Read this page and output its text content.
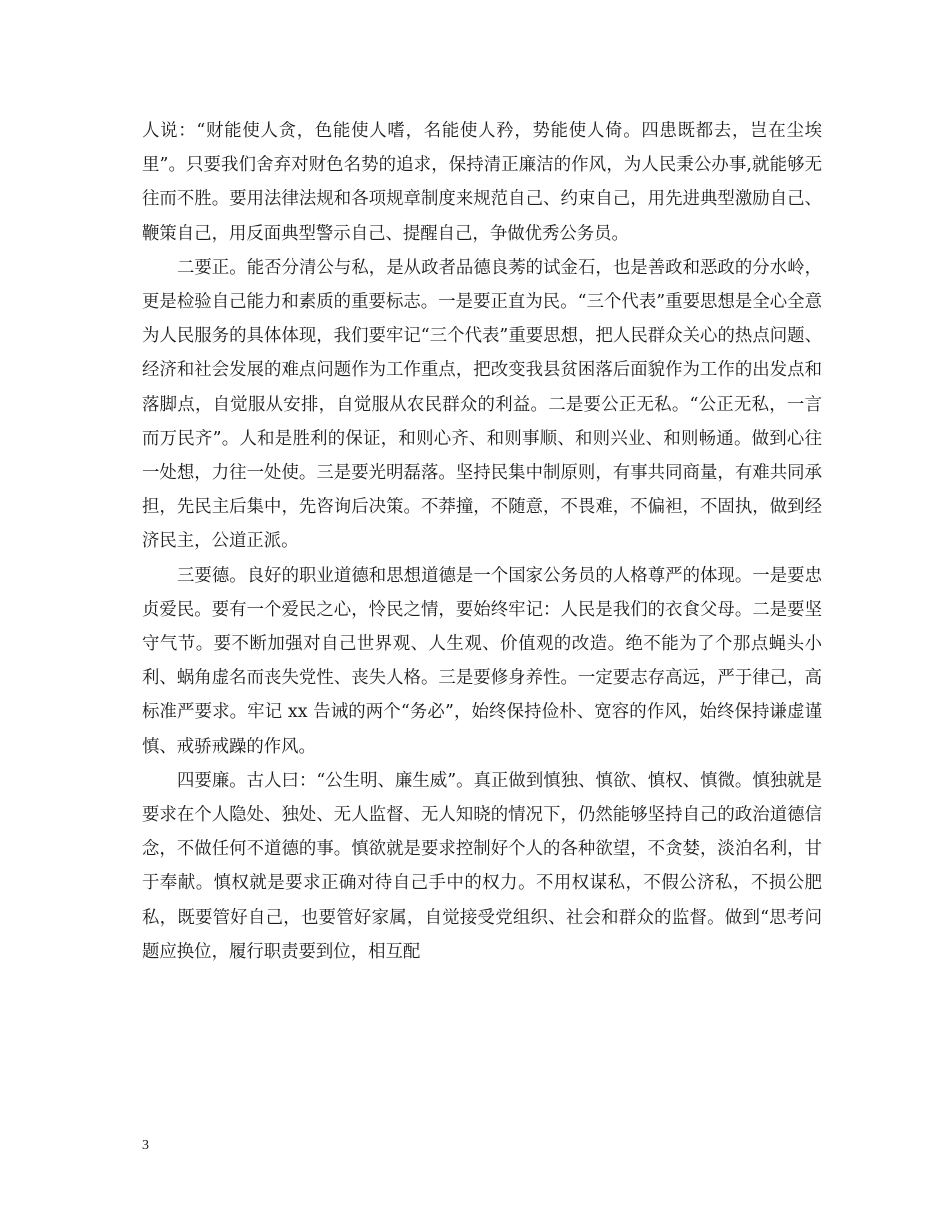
人说：“财能使人贪，色能使人嗜，名能使人矜，势能使人倚。四患既都去，岂在尘埃里”。只要我们舍弃对财色名势的追求，保持清正廉洁的作风，为人民秉公办事,就能够无往而不胜。要用法律法规和各项规章制度来规范自己、约束自己，用先进典型激励自己、鞭策自己，用反面典型警示自己、提醒自己，争做优秀公务员。

二要正。能否分清公与私，是从政者品德良莠的试金石，也是善政和恶政的分水岭，更是检验自己能力和素质的重要标志。一是要正直为民。“三个代表”重要思想是全心全意为人民服务的具体体现，我们要牢记“三个代表”重要思想，把人民群众关心的热点问题、经济和社会发展的难点问题作为工作重点，把改变我县贫困落后面貌作为工作的出发点和落脚点，自觉服从安排，自觉服从农民群众的利益。二是要公正无私。“公正无私，一言而万民齐”。人和是胜利的保证，和则心齐、和则事顺、和则兴业、和则畅通。做到心往一处想，力往一处使。三是要光明磊落。坚持民集中制原则，有事共同商量，有难共同承担，先民主后集中，先咨询后决策。不莽撞，不随意，不畏难，不偏袒，不固执，做到经济民主，公道正派。

三要德。良好的职业道德和思想道德是一个国家公务员的人格尊严的体现。一是要忠贞爱民。要有一个爱民之心，怜民之情，要始终牢记：人民是我们的衣食父母。二是要坚守气节。要不断加强对自己世界观、人生观、价值观的改造。绝不能为了个那点蝇头小利、蜗角虚名而丧失党性、丧失人格。三是要修身养性。一定要志存高远，严于律己，高标准严要求。牢记 xx 告诫的两个“务必”，始终保持俭朴、宽容的作风，始终保持谦虚谨慎、戒骄戒躁的作风。

四要廉。古人曰：“公生明、廉生威”。真正做到慎独、慎欲、慎权、慎微。慎独就是要求在个人隐处、独处、无人监督、无人知晓的情况下，仍然能够坚持自己的政治道德信念，不做任何不道德的事。慎欲就是要求控制好个人的各种欲望，不贪婪，淡泊名利，甘于奉献。慎权就是要求正确对待自己手中的权力。不用权谋私，不假公济私，不损公肥私，既要管好自己，也要管好家属，自觉接受党组织、社会和群众的监督。做到“思考问题应换位，履行职责要到位，相互配

3
